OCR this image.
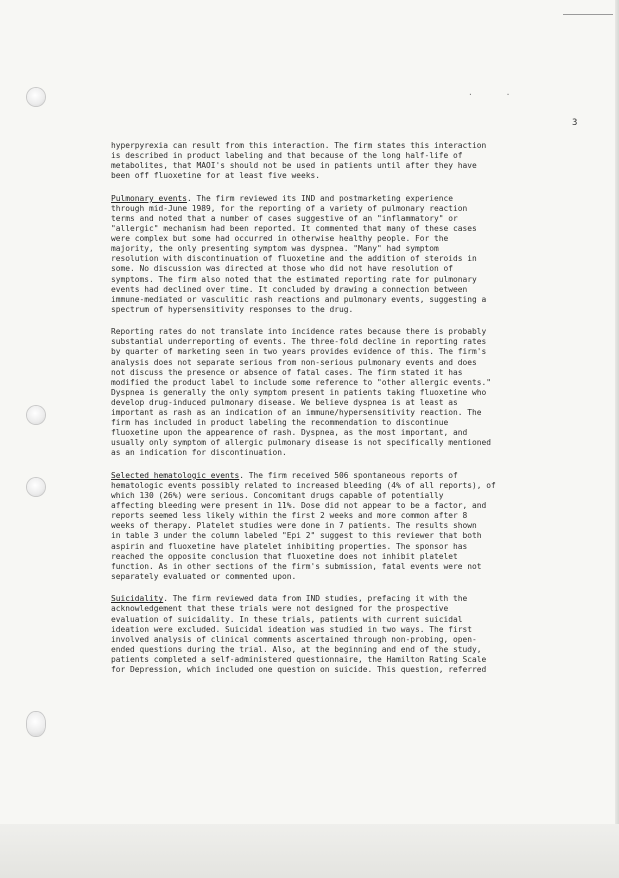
· ·
3
hyperpyrexia can result from this interaction. The firm states this interaction
is described in product labeling and that because of the long half-life of
metabolites, that MAOI's should not be used in patients until after they have
been off fluoxetine for at least five weeks.
Pulmonary events. The firm reviewed its IND and postmarketing experience
through mid-June 1989, for the reporting of a variety of pulmonary reaction
terms and noted that a number of cases suggestive of an "inflammatory" or
"allergic" mechanism had been reported. It commented that many of these cases
were complex but some had occurred in otherwise healthy people. For the
majority, the only presenting symptom was dyspnea. "Many" had symptom
resolution with discontinuation of fluoxetine and the addition of steroids in
some. No discussion was directed at those who did not have resolution of
symptoms. The firm also noted that the estimated reporting rate for pulmonary
events had declined over time. It concluded by drawing a connection between
immune-mediated or vasculitic rash reactions and pulmonary events, suggesting a
spectrum of hypersensitivity responses to the drug.
Reporting rates do not translate into incidence rates because there is probably
substantial underreporting of events. The three-fold decline in reporting rates
by quarter of marketing seen in two years provides evidence of this. The firm's
analysis does not separate serious from non-serious pulmonary events and does
not discuss the presence or absence of fatal cases. The firm stated it has
modified the product label to include some reference to "other allergic events."
Dyspnea is generally the only symptom present in patients taking fluoxetine who
develop drug-induced pulmonary disease. We believe dyspnea is at least as
important as rash as an indication of an immune/hypersensitivity reaction. The
firm has included in product labeling the recommendation to discontinue
fluoxetine upon the appearence of rash. Dyspnea, as the most important, and
usually only symptom of allergic pulmonary disease is not specifically mentioned
as an indication for discontinuation.
Selected hematologic events. The firm received 506 spontaneous reports of
hematologic events possibly related to increased bleeding (4% of all reports), of
which 130 (26%) were serious. Concomitant drugs capable of potentially
affecting bleeding were present in 11%. Dose did not appear to be a factor, and
reports seemed less likely within the first 2 weeks and more common after 8
weeks of therapy. Platelet studies were done in 7 patients. The results shown
in table 3 under the column labeled "Epi 2" suggest to this reviewer that both
aspirin and fluoxetine have platelet inhibiting properties. The sponsor has
reached the opposite conclusion that fluoxetine does not inhibit platelet
function. As in other sections of the firm's submission, fatal events were not
separately evaluated or commented upon.
Suicidality. The firm reviewed data from IND studies, prefacing it with the
acknowledgement that these trials were not designed for the prospective
evaluation of suicidality. In these trials, patients with current suicidal
ideation were excluded. Suicidal ideation was studied in two ways. The first
involved analysis of clinical comments ascertained through non-probing, open-
ended questions during the trial. Also, at the beginning and end of the study,
patients completed a self-administered questionnaire, the Hamilton Rating Scale
for Depression, which included one question on suicide. This question, referred
